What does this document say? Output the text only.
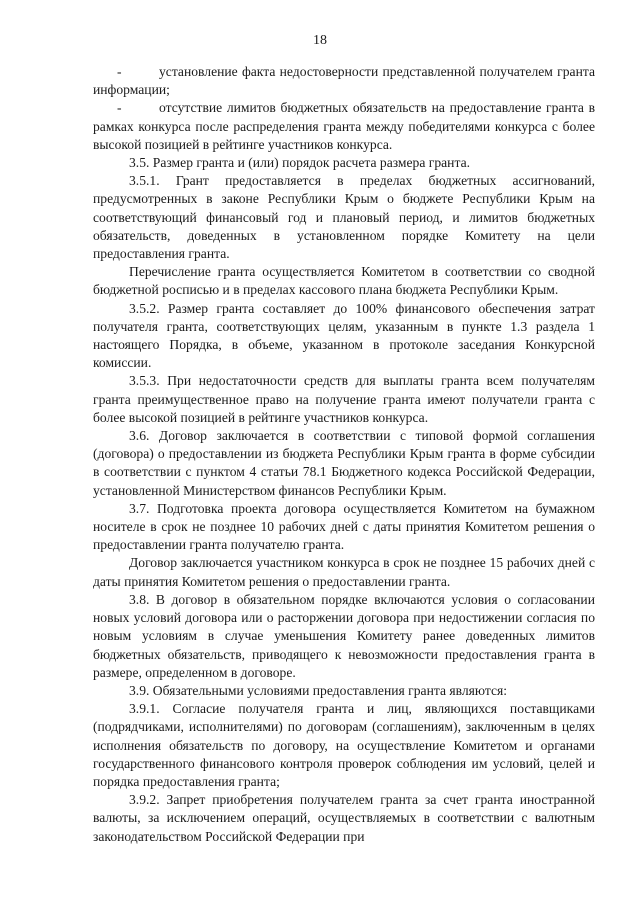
18

-	установление факта недостоверности представленной получателем гранта информации;

-	отсутствие лимитов бюджетных обязательств на предоставление гранта в рамках конкурса после распределения гранта между победителями конкурса с более высокой позицией в рейтинге участников конкурса.

3.5. Размер гранта и (или) порядок расчета размера гранта.

3.5.1. Грант предоставляется в пределах бюджетных ассигнований, предусмотренных в законе Республики Крым о бюджете Республики Крым на соответствующий финансовый год и плановый период, и лимитов бюджетных обязательств, доведенных в установленном порядке Комитету на цели предоставления гранта.

Перечисление гранта осуществляется Комитетом в соответствии со сводной бюджетной росписью и в пределах кассового плана бюджета Республики Крым.

3.5.2. Размер гранта составляет до 100% финансового обеспечения затрат получателя гранта, соответствующих целям, указанным в пункте 1.3 раздела 1 настоящего Порядка, в объеме, указанном в протоколе заседания Конкурсной комиссии.

3.5.3. При недостаточности средств для выплаты гранта всем получателям гранта преимущественное право на получение гранта имеют получатели гранта с более высокой позицией в рейтинге участников конкурса.

3.6. Договор заключается в соответствии с типовой формой соглашения (договора) о предоставлении из бюджета Республики Крым гранта в форме субсидии в соответствии с пунктом 4 статьи 78.1 Бюджетного кодекса Российской Федерации, установленной Министерством финансов Республики Крым.

3.7. Подготовка проекта договора осуществляется Комитетом на бумажном носителе в срок не позднее 10 рабочих дней с даты принятия Комитетом решения о предоставлении гранта получателю гранта.

Договор заключается участником конкурса в срок не позднее 15 рабочих дней с даты принятия Комитетом решения о предоставлении гранта.

3.8. В договор в обязательном порядке включаются условия о согласовании новых условий договора или о расторжении договора при недостижении согласия по новым условиям в случае уменьшения Комитету ранее доведенных лимитов бюджетных обязательств, приводящего к невозможности предоставления гранта в размере, определенном в договоре.

3.9. Обязательными условиями предоставления гранта являются:

3.9.1. Согласие получателя гранта и лиц, являющихся поставщиками (подрядчиками, исполнителями) по договорам (соглашениям), заключенным в целях исполнения обязательств по договору, на осуществление Комитетом и органами государственного финансового контроля проверок соблюдения им условий, целей и порядка предоставления гранта;

3.9.2. Запрет приобретения получателем гранта за счет гранта иностранной валюты, за исключением операций, осуществляемых в соответствии с валютным законодательством Российской Федерации при
